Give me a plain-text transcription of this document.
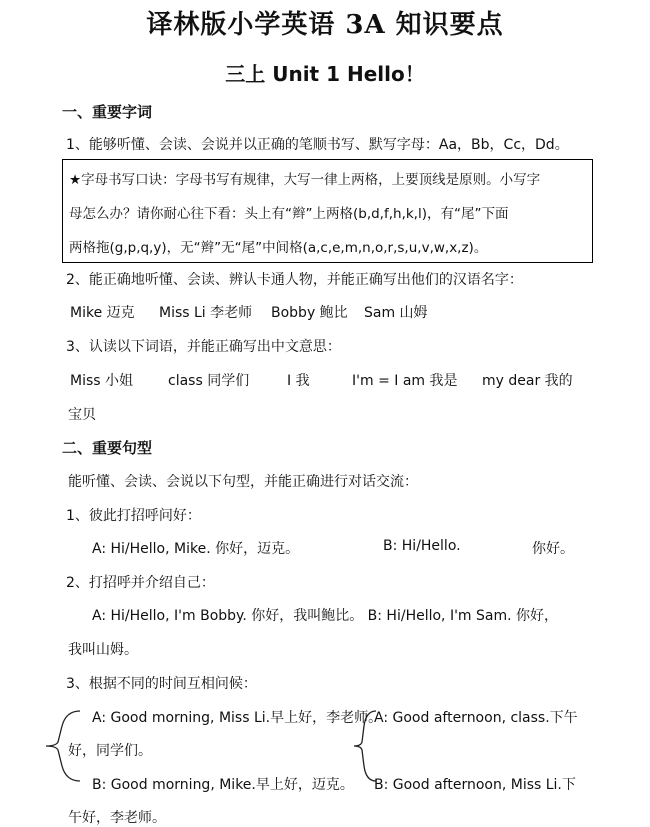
译林版小学英语 3A 知识要点
三上 Unit 1 Hello！
一、重要字词
1、能够听懂、会读、会说并以正确的笔顺书写、默写字母：Aa，Bb，Cc，Dd。
★字母书写口诀：字母书写有规律，大写一律上两格，上要顶线是原则。小写字
母怎么办？请你耐心往下看：头上有“辫”上两格(b,d,f,h,k,l)，有“尾”下面
两格拖(g,p,q,y)，无“辫”无“尾”中间格(a,c,e,m,n,o,r,s,u,v,w,x,z)。
2、能正确地听懂、会读、辨认卡通人物，并能正确写出他们的汉语名字：
Mike 迈克 Miss Li 李老师 Bobby 鲍比 Sam 山姆
3、认读以下词语，并能正确写出中文意思：
Miss 小姐 class 同学们	I 我	I'm = I am 我是 my dear 我的
宝贝
二、重要句型
能听懂、会读、会说以下句型，并能正确进行对话交流：
1、彼此打招呼问好：
A: Hi/Hello, Mike. 你好，迈克。	B: Hi/Hello.	你好。
2、打招呼并介绍自己：
A: Hi/Hello, I'm Bobby. 你好，我叫鲍比。 B: Hi/Hello, I'm Sam. 你好，
我叫山姆。
3、根据不同的时间互相问候：
A: Good morning, Miss Li.早上好，李老师。
A: Good afternoon, class.下午
好，同学们。
B: Good morning, Mike.早上好，迈克。 B: Good afternoon, Miss Li.下
午好，李老师。
